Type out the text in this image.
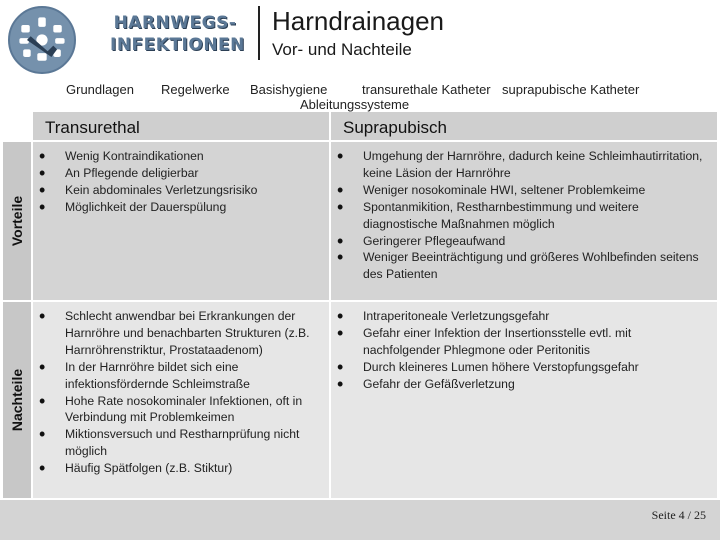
HARNWEGS-
INFEKTIONEN
Harndrainagen
Vor- und Nachteile
Grundlagen Regelwerke Basishygiene	transurethale Katheter suprapubische Katheter
Ableitungssysteme
Transurethal	Suprapubisch
Vorteile
Nachteile
• Wenig Kontraindikationen
• An Pflegende deligierbar
• Kein abdominales Verletzungsrisiko
• Möglichkeit der Dauerspülung
• Umgehung der Harnröhre, dadurch keine Schleimhautirritation, keine Läsion der Harnröhre
• Weniger nosokominale HWI, seltener Problemkeime
• Spontanmikition, Restharnbestimmung und weitere diagnostische Maßnahmen möglich
• Geringerer Pflegeaufwand
• Weniger Beeinträchtigung und größeres Wohlbefinden seitens des Patienten
• Schlecht anwendbar bei Erkrankungen der Harnröhre und benachbarten Strukturen (z.B. Harnröhrenstriktur, Prostataadenom)
• In der Harnröhre bildet sich eine infektionsfördernde Schleimstraße
• Hohe Rate nosokominaler Infektionen, oft in Verbindung mit Problemkeimen
• Miktionsversuch und Restharnprüfung nicht möglich
• Häufig Spätfolgen (z.B. Stiktur)
• Intraperitoneale Verletzungsgefahr
• Gefahr einer Infektion der Insertionsstelle evtl. mit nachfolgender Phlegmone oder Peritonitis
• Durch kleineres Lumen höhere Verstopfungsgefahr
• Gefahr der Gefäßverletzung
Seite 4 / 25
